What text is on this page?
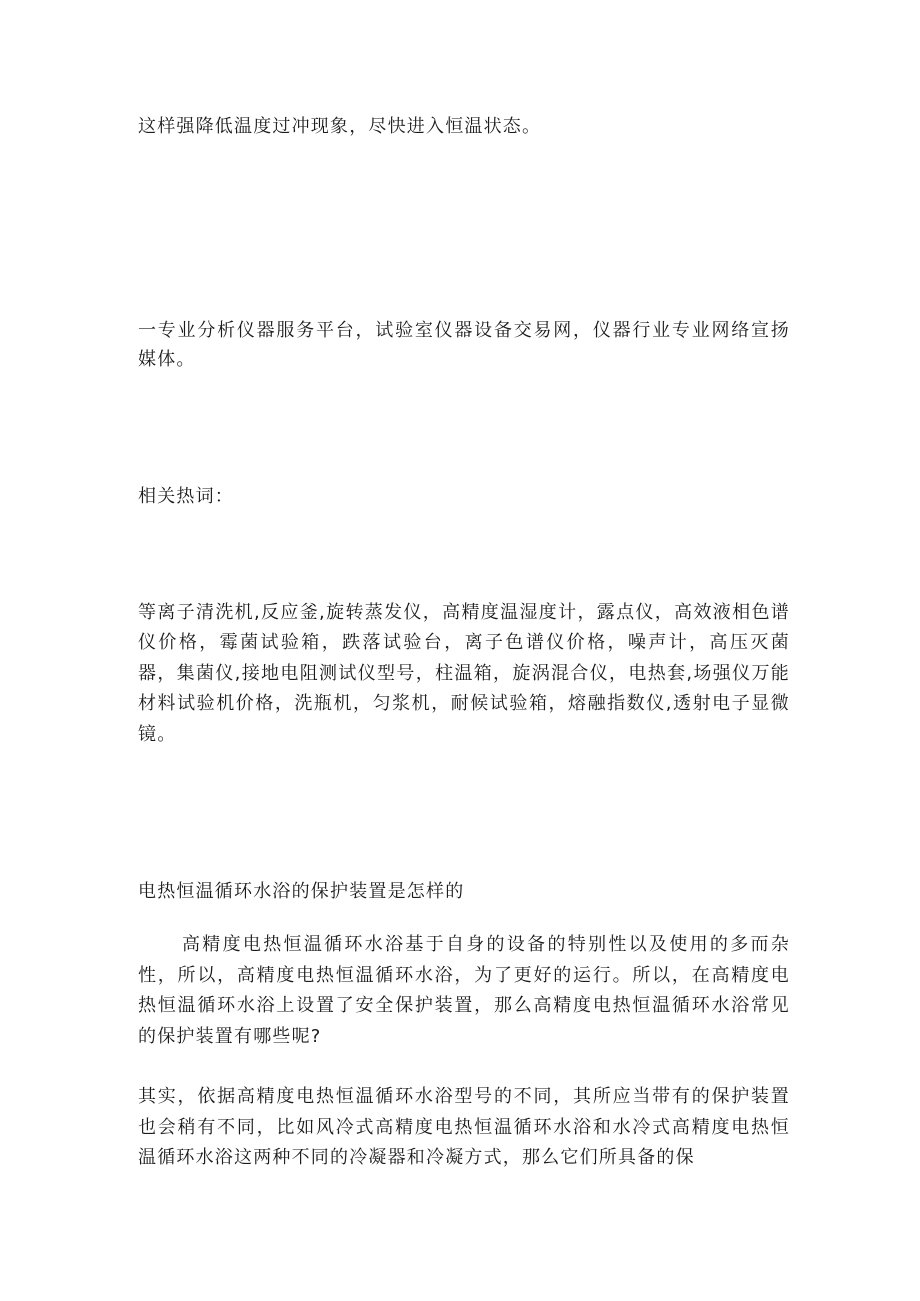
这样强降低温度过冲现象，尽快进入恒温状态。

一专业分析仪器服务平台，试验室仪器设备交易网，仪器行业专业网络宣扬媒体。

相关热词：

等离子清洗机,反应釜,旋转蒸发仪，高精度温湿度计，露点仪，高效液相色谱仪价格，霉菌试验箱，跌落试验台，离子色谱仪价格，噪声计，高压灭菌器，集菌仪,接地电阻测试仪型号，柱温箱，旋涡混合仪，电热套,场强仪万能材料试验机价格，洗瓶机，匀浆机，耐候试验箱，熔融指数仪,透射电子显微镜。

电热恒温循环水浴的保护装置是怎样的

高精度电热恒温循环水浴基于自身的设备的特别性以及使用的多而杂性，所以，高精度电热恒温循环水浴，为了更好的运行。所以，在高精度电热恒温循环水浴上设置了安全保护装置，那么高精度电热恒温循环水浴常见的保护装置有哪些呢?

其实，依据高精度电热恒温循环水浴型号的不同，其所应当带有的保护装置也会稍有不同，比如风冷式高精度电热恒温循环水浴和水冷式高精度电热恒温循环水浴这两种不同的冷凝器和冷凝方式，那么它们所具备的保
